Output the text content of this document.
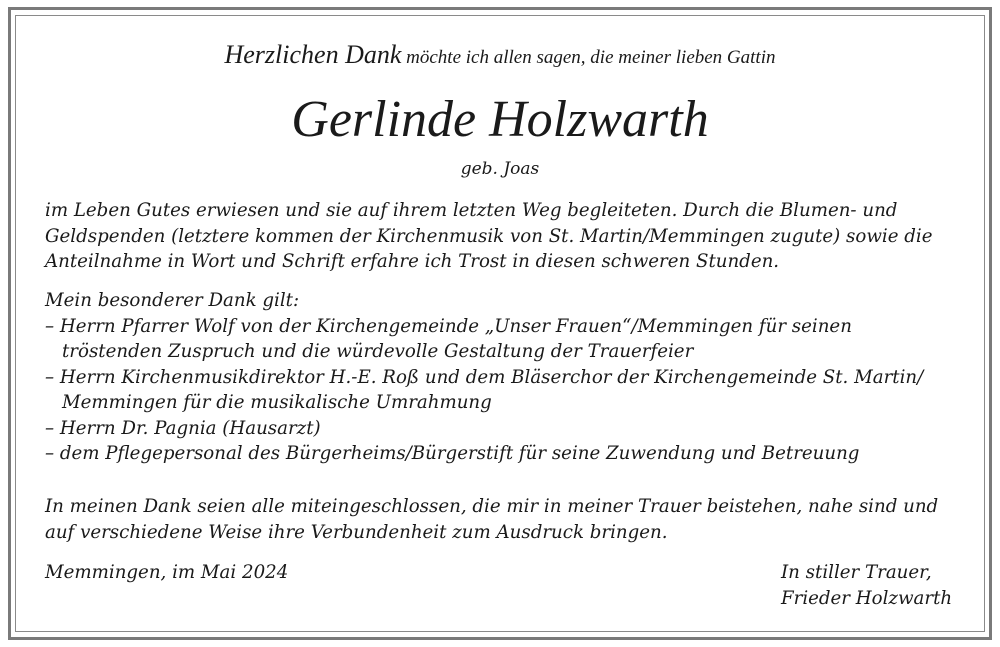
Herzlichen Dank möchte ich allen sagen, die meiner lieben Gattin
Gerlinde Holzwarth
geb. Joas
im Leben Gutes erwiesen und sie auf ihrem letzten Weg begleiteten. Durch die Blumen- und
Geldspenden (letztere kommen der Kirchenmusik von St. Martin/Memmingen zugute) sowie die
Anteilnahme in Wort und Schrift erfahre ich Trost in diesen schweren Stunden.
Mein besonderer Dank gilt:
– Herrn Pfarrer Wolf von der Kirchengemeinde „Unser Frauen“/Memmingen für seinen
tröstenden Zuspruch und die würdevolle Gestaltung der Trauerfeier
– Herrn Kirchenmusikdirektor H.-E. Roß und dem Bläserchor der Kirchengemeinde St. Martin/
Memmingen für die musikalische Umrahmung
– Herrn Dr. Pagnia (Hausarzt)
– dem Pflegepersonal des Bürgerheims/Bürgerstift für seine Zuwendung und Betreuung
In meinen Dank seien alle miteingeschlossen, die mir in meiner Trauer beistehen, nahe sind und
auf verschiedene Weise ihre Verbundenheit zum Ausdruck bringen.
Memmingen, im Mai 2024	In stiller Trauer,
Frieder Holzwarth
